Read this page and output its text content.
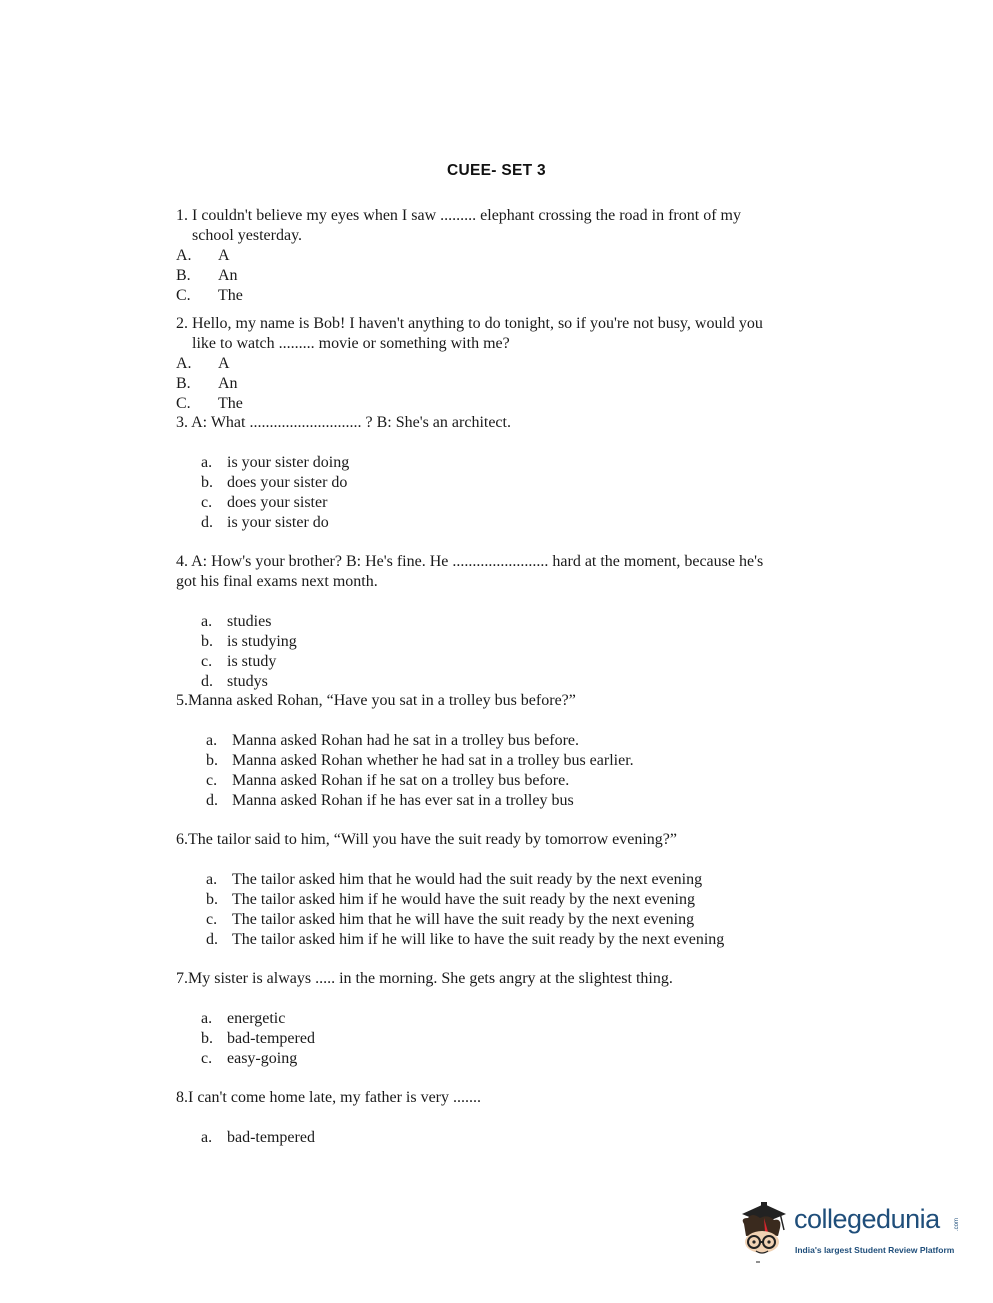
CUEE- SET 3
1. I couldn't believe my eyes when I saw ......... elephant crossing the road in front of my
school yesterday.
A. A
B. An
C. The
2. Hello, my name is Bob! I haven't anything to do tonight, so if you're not busy, would you
like to watch ......... movie or something with me?
A. A
B. An
C. The
3. A: What ............................ ? B: She's an architect.
a. is your sister doing
b. does your sister do
c. does your sister
d. is your sister do
4. A: How's your brother? B: He's fine. He ........................ hard at the moment, because he's
got his final exams next month.
a. studies
b. is studying
c. is study
d. studys
5.Manna asked Rohan, “Have you sat in a trolley bus before?”
a. Manna asked Rohan had he sat in a trolley bus before.
b. Manna asked Rohan whether he had sat in a trolley bus earlier.
c. Manna asked Rohan if he sat on a trolley bus before.
d. Manna asked Rohan if he has ever sat in a trolley bus
6.The tailor said to him, “Will you have the suit ready by tomorrow evening?”
a. The tailor asked him that he would had the suit ready by the next evening
b. The tailor asked him if he would have the suit ready by the next evening
c. The tailor asked him that he will have the suit ready by the next evening
d. The tailor asked him if he will like to have the suit ready by the next evening
7.My sister is always ..... in the morning. She gets angry at the slightest thing.
a. energetic
b. bad-tempered
c. easy-going
8.I can't come home late, my father is very .......
a. bad-tempered
collegedunia .com
India's largest Student Review Platform
